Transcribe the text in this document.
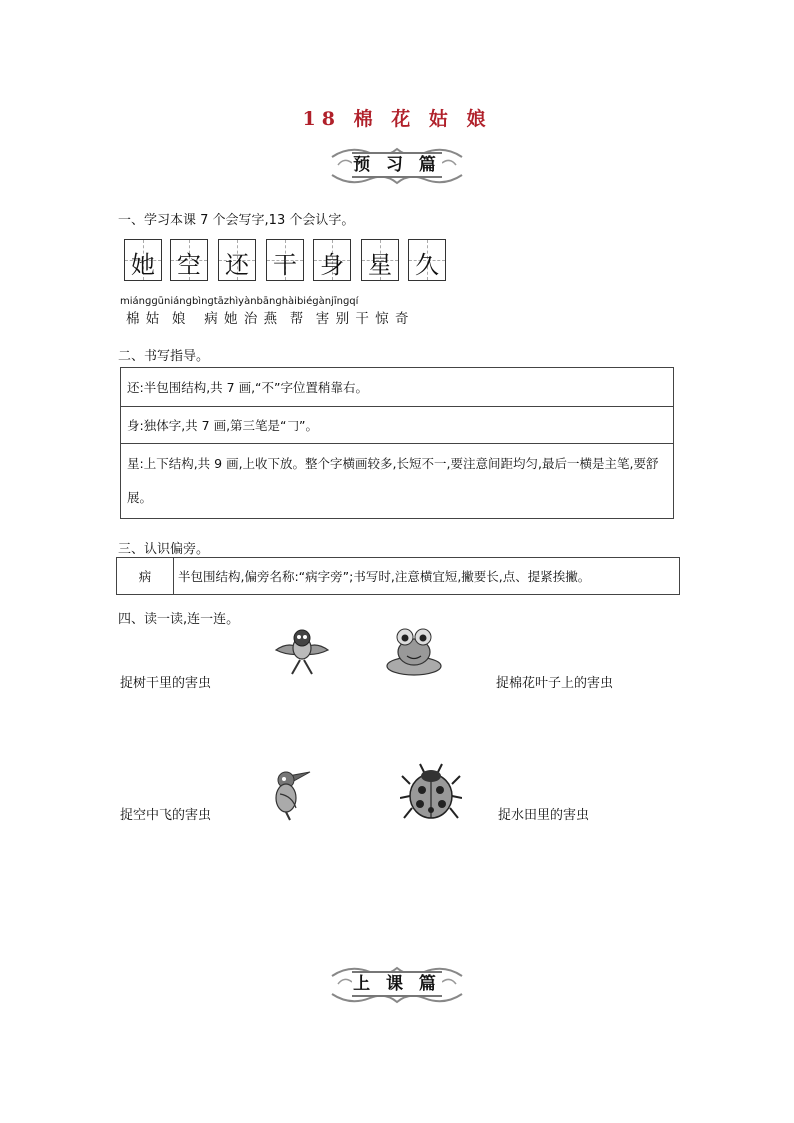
18 棉 花 姑 娘
预 习 篇
一、学习本课 7 个会写字,13 个会认字。
她 空 还 干 身 星 久
miánɡɡūniánɡbìnɡtāzhìyànbānɡhàibiégànjīnɡqí
棉 姑  娘   病 她 治 燕  帮  害 别 干 惊 奇
二、书写指导。
还:半包围结构,共 7 画,“不”字位置稍靠右。
身:独体字,共 7 画,第三笔是“𠃌”。
星:上下结构,共 9 画,上收下放。整个字横画较多,长短不一,要注意间距均匀,最后一横是主笔,要舒展。
三、认识偏旁。
病	半包围结构,偏旁名称:“病字旁”;书写时,注意横宜短,撇要长,点、提紧挨撇。
四、读一读,连一连。
捉树干里的害虫	捉棉花叶子上的害虫
捉空中飞的害虫	捉水田里的害虫
上 课 篇
